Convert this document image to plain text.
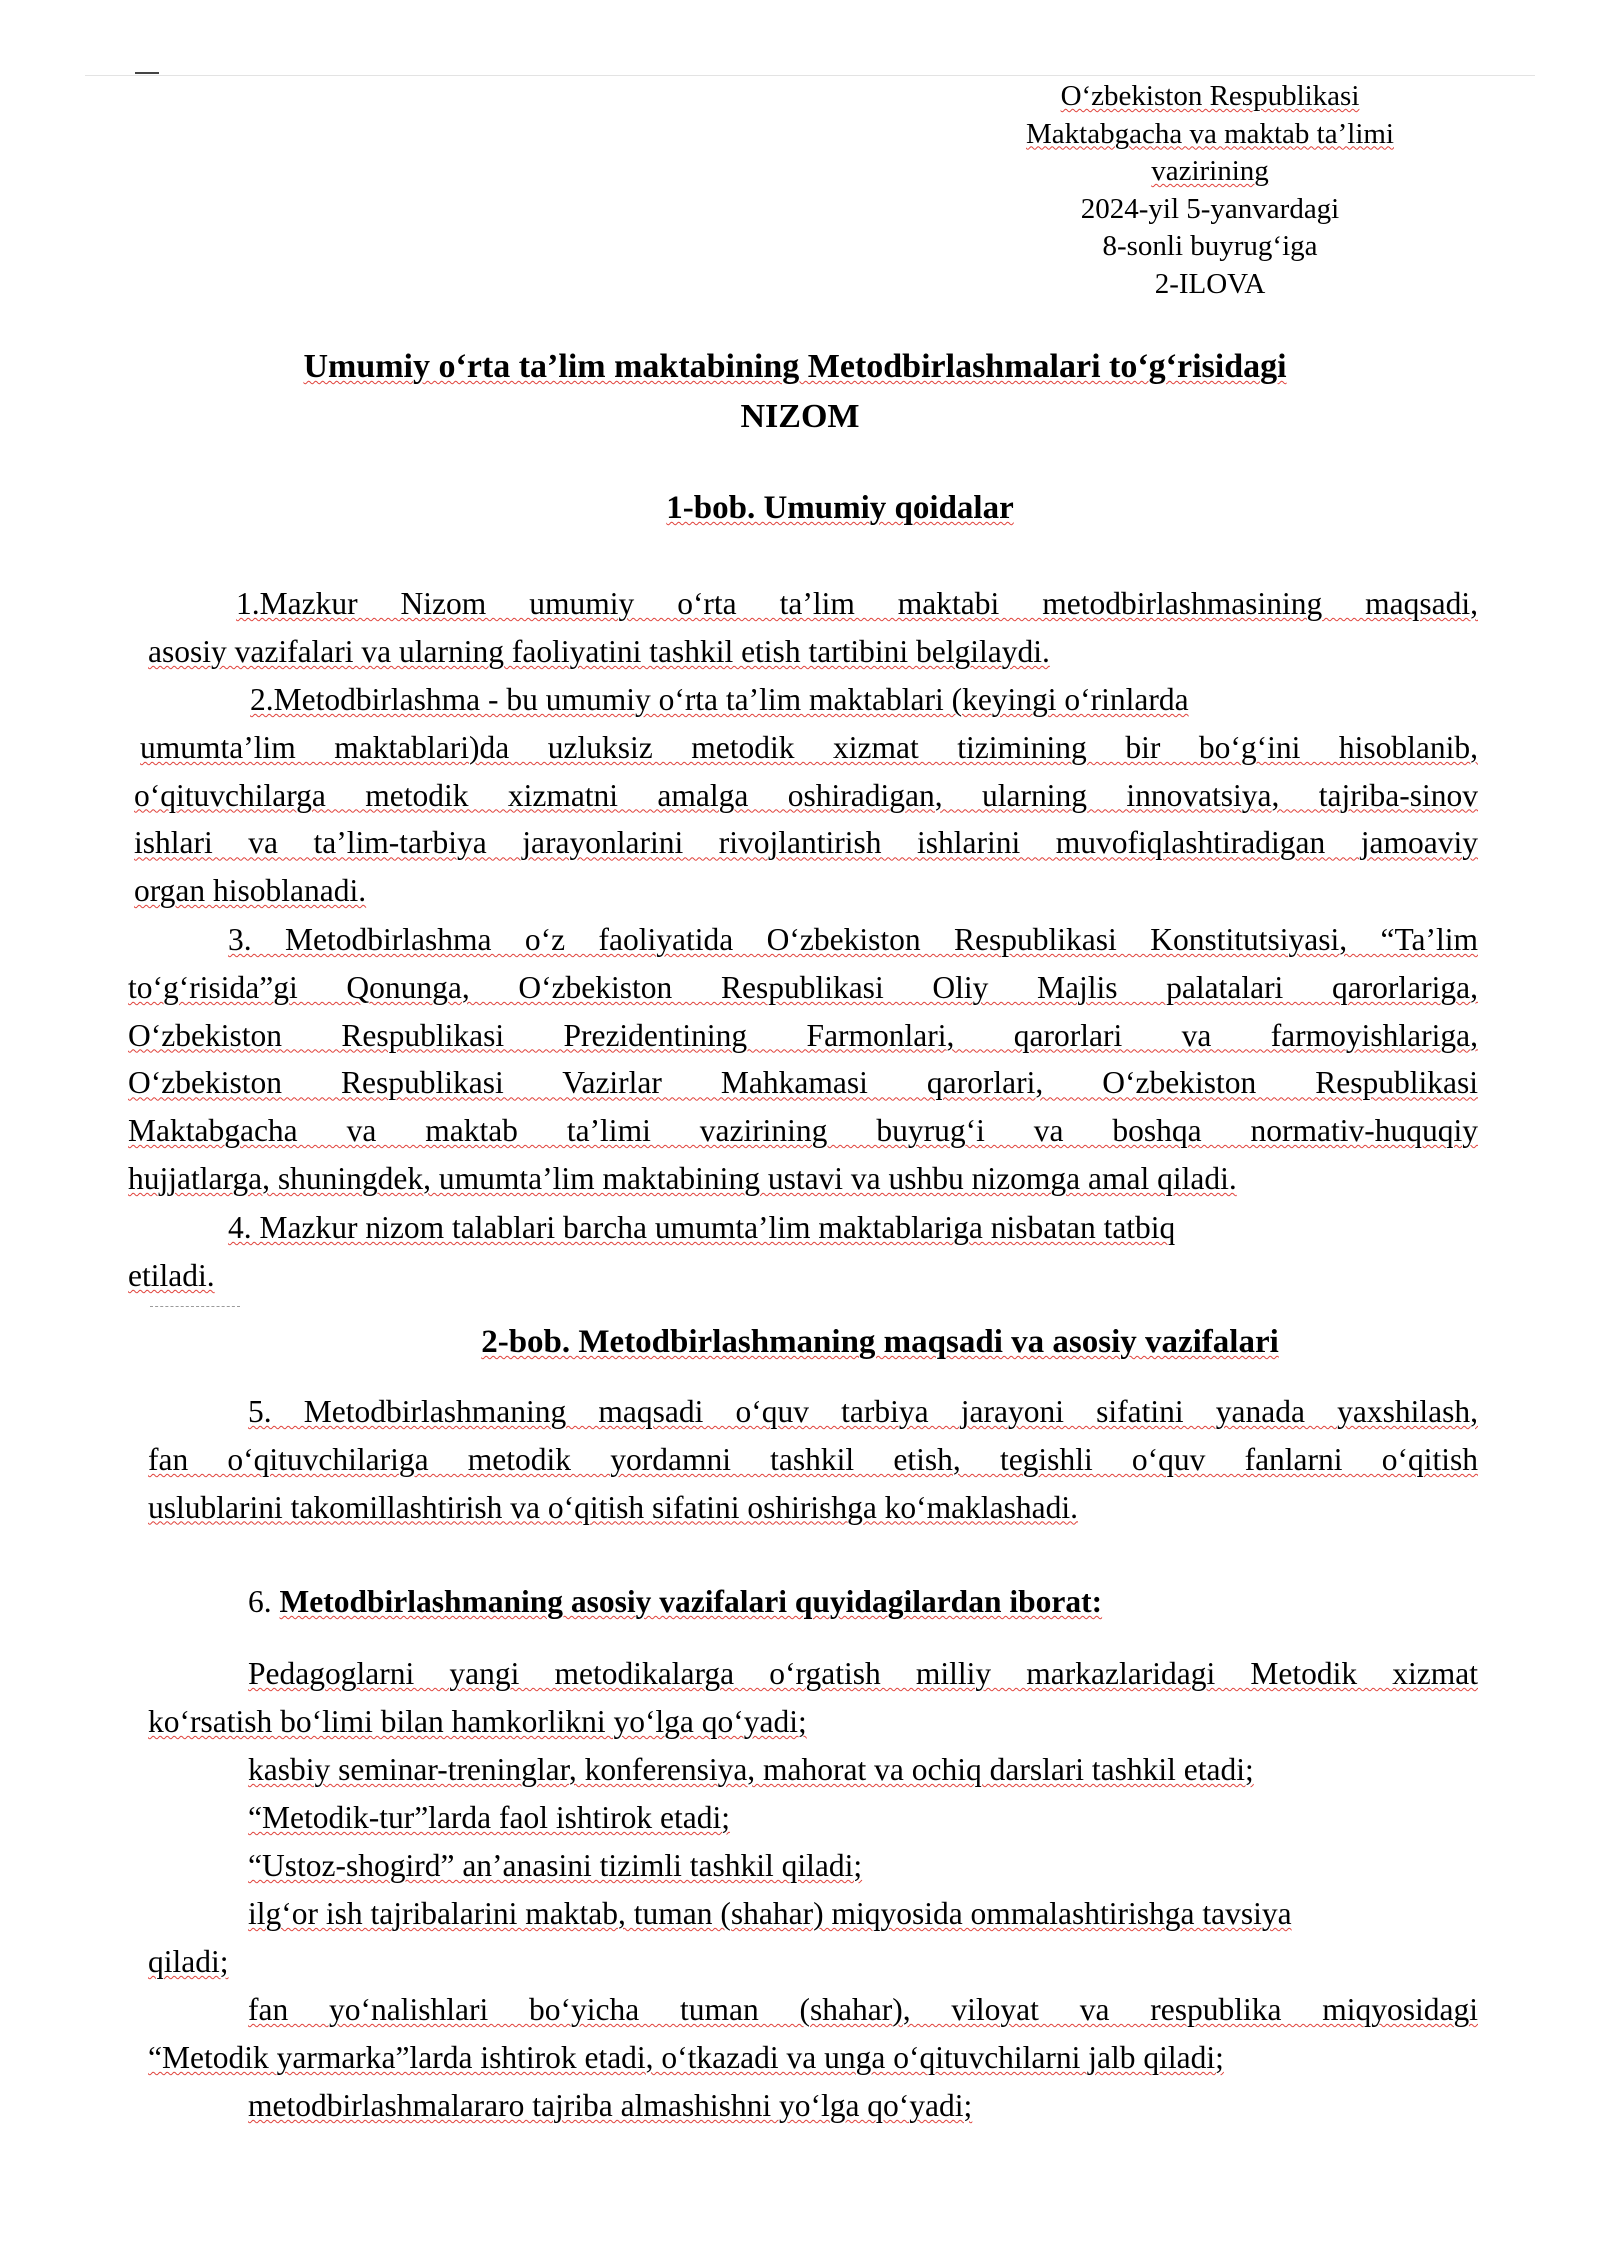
O‘zbekiston Respublikasi
Maktabgacha va maktab ta’limi
vazirining
2024-yil 5-yanvardagi
8-sonli buyrug‘iga
2-ILOVA
Umumiy o‘rta ta’lim maktabining Metodbirlashmalari to‘g‘risidagi
NIZOM
1-bob. Umumiy qoidalar
1.Mazkur Nizom umumiy o‘rta ta’lim maktabi metodbirlashmasining maqsadi,
asosiy vazifalari va ularning faoliyatini tashkil etish tartibini belgilaydi.
2.Metodbirlashma - bu umumiy o‘rta ta’lim maktablari (keyingi o‘rinlarda
umumta’lim maktablari)da uzluksiz metodik xizmat tizimining bir bo‘g‘ini hisoblanib,
o‘qituvchilarga metodik xizmatni amalga oshiradigan, ularning innovatsiya, tajriba-sinov
ishlari va ta’lim-tarbiya jarayonlarini rivojlantirish ishlarini muvofiqlashtiradigan jamoaviy
organ hisoblanadi.
3. Metodbirlashma o‘z faoliyatida O‘zbekiston Respublikasi Konstitutsiyasi, “Ta’lim
to‘g‘risida”gi Qonunga, O‘zbekiston Respublikasi Oliy Majlis palatalari qarorlariga,
O‘zbekiston Respublikasi Prezidentining Farmonlari, qarorlari va farmoyishlariga,
O‘zbekiston Respublikasi Vazirlar Mahkamasi qarorlari, O‘zbekiston Respublikasi
Maktabgacha va maktab ta’limi vazirining buyrug‘i va boshqa normativ-huquqiy
hujjatlarga, shuningdek, umumta’lim maktabining ustavi va ushbu nizomga amal qiladi.
4. Mazkur nizom talablari barcha umumta’lim maktablariga nisbatan tatbiq
etiladi.
2-bob. Metodbirlashmaning maqsadi va asosiy vazifalari
5. Metodbirlashmaning maqsadi o‘quv tarbiya jarayoni sifatini yanada yaxshilash,
fan o‘qituvchilariga metodik yordamni tashkil etish, tegishli o‘quv fanlarni o‘qitish
uslublarini takomillashtirish va o‘qitish sifatini oshirishga ko‘maklashadi.
6. Metodbirlashmaning asosiy vazifalari quyidagilardan iborat:
Pedagoglarni yangi metodikalarga o‘rgatish milliy markazlaridagi Metodik xizmat
ko‘rsatish bo‘limi bilan hamkorlikni yo‘lga qo‘yadi;
kasbiy seminar-treninglar, konferensiya, mahorat va ochiq darslari tashkil etadi;
“Metodik-tur”larda faol ishtirok etadi;
“Ustoz-shogird” an’anasini tizimli tashkil qiladi;
ilg‘or ish tajribalarini maktab, tuman (shahar) miqyosida ommalashtirishga tavsiya
qiladi;
fan yo‘nalishlari bo‘yicha tuman (shahar), viloyat va respublika miqyosidagi
“Metodik yarmarka”larda ishtirok etadi, o‘tkazadi va unga o‘qituvchilarni jalb qiladi;
metodbirlashmalararo tajriba almashishni yo‘lga qo‘yadi;
